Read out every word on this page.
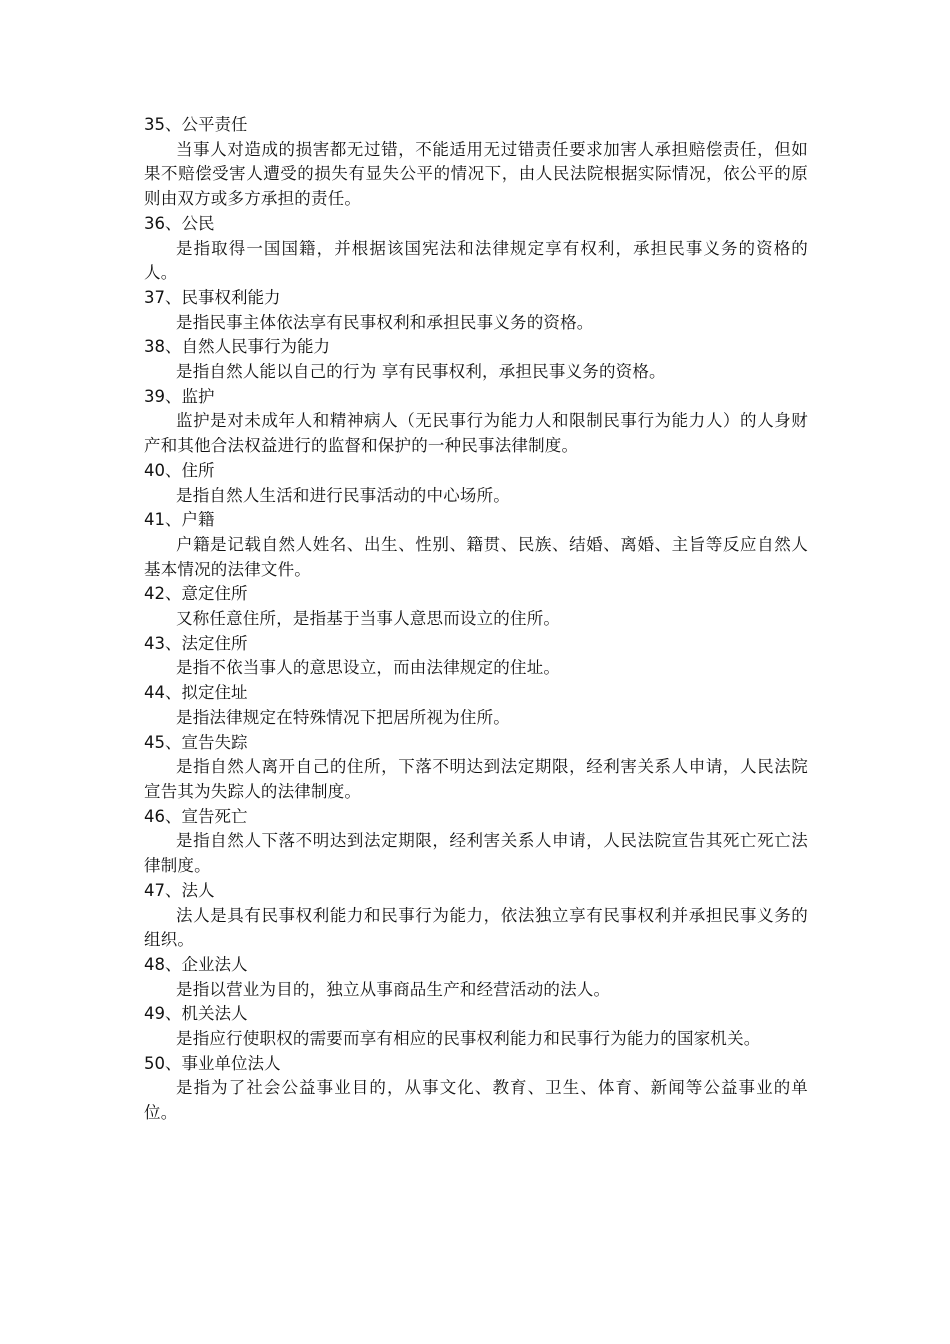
35、公平责任

当事人对造成的损害都无过错，不能适用无过错责任要求加害人承担赔偿责任，但如果不赔偿受害人遭受的损失有显失公平的情况下，由人民法院根据实际情况，依公平的原则由双方或多方承担的责任。

36、公民

是指取得一国国籍，并根据该国宪法和法律规定享有权利，承担民事义务的资格的人。

37、民事权利能力

是指民事主体依法享有民事权利和承担民事义务的资格。

38、自然人民事行为能力

是指自然人能以自己的行为 享有民事权利，承担民事义务的资格。

39、监护

监护是对未成年人和精神病人（无民事行为能力人和限制民事行为能力人）的人身财产和其他合法权益进行的监督和保护的一种民事法律制度。

40、住所

是指自然人生活和进行民事活动的中心场所。

41、户籍

户籍是记载自然人姓名、出生、性别、籍贯、民族、结婚、离婚、主旨等反应自然人基本情况的法律文件。

42、意定住所

又称任意住所，是指基于当事人意思而设立的住所。

43、法定住所

是指不依当事人的意思设立，而由法律规定的住址。

44、拟定住址

是指法律规定在特殊情况下把居所视为住所。

45、宣告失踪

是指自然人离开自己的住所，下落不明达到法定期限，经利害关系人申请，人民法院宣告其为失踪人的法律制度。

46、宣告死亡

是指自然人下落不明达到法定期限，经利害关系人申请，人民法院宣告其死亡死亡法律制度。

47、法人

法人是具有民事权利能力和民事行为能力，依法独立享有民事权利并承担民事义务的组织。

48、企业法人

是指以营业为目的，独立从事商品生产和经营活动的法人。

49、机关法人

是指应行使职权的需要而享有相应的民事权利能力和民事行为能力的国家机关。

50、事业单位法人

是指为了社会公益事业目的，从事文化、教育、卫生、体育、新闻等公益事业的单位。
